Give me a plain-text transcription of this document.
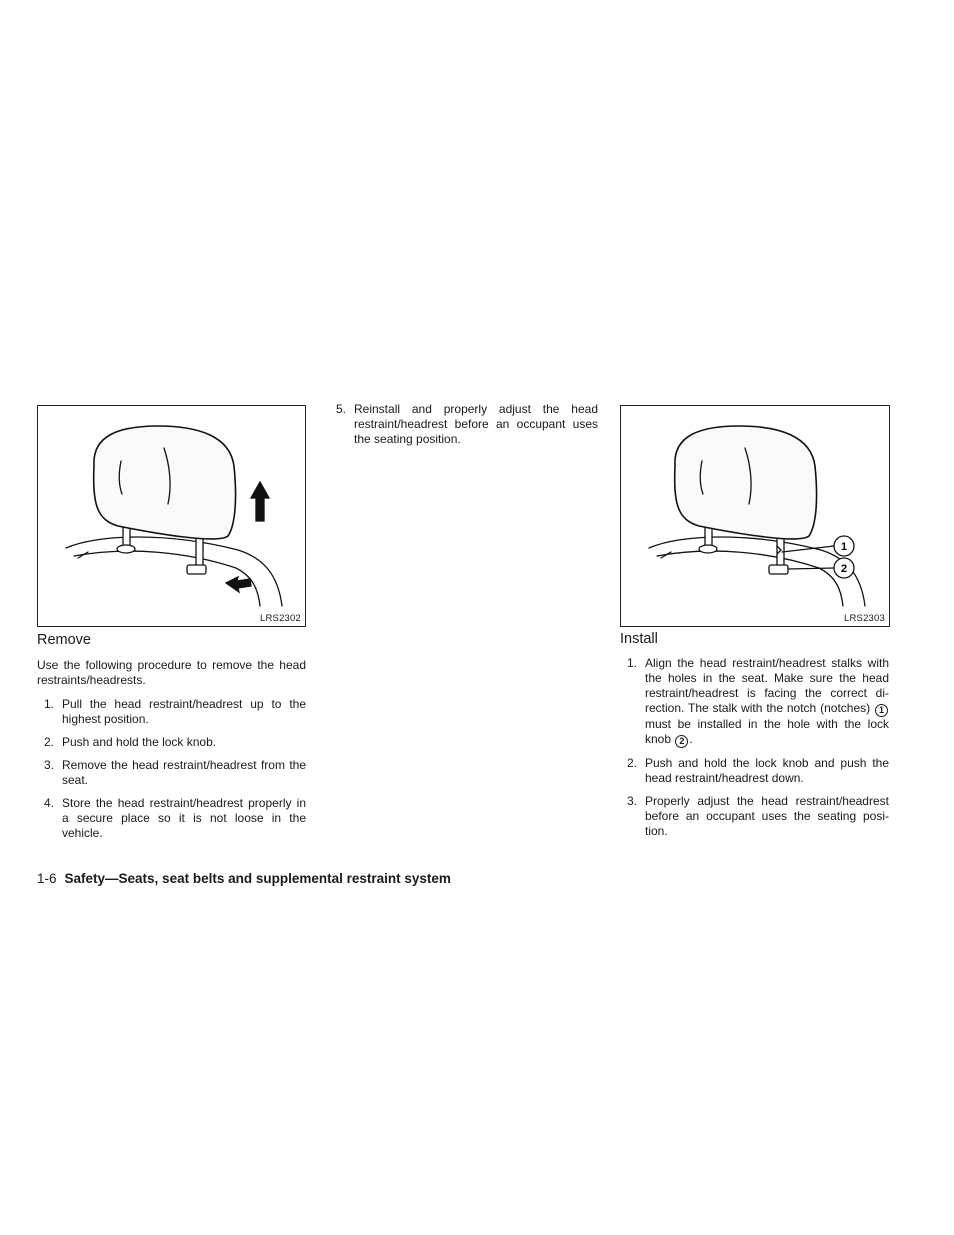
LRS2302
1
2
LRS2303
Remove

Use the following procedure to remove the head restraints/headrests.

1. Pull the head restraint/headrest up to the highest position.
2. Push and hold the lock knob.
3. Remove the head restraint/headrest from the seat.
4. Store the head restraint/headrest properly in a secure place so it is not loose in the vehicle.
5. Reinstall and properly adjust the head restraint/headrest before an occupant uses the seating position.
Install
1. Align the head restraint/headrest stalks with the holes in the seat. Make sure the head restraint/headrest is facing the correct di-rection. The stalk with the notch (notches) 1 must be installed in the hole with the lock knob 2 .
2. Push and hold the lock knob and push the head restraint/headrest down.
3. Properly adjust the head restraint/headrest before an occupant uses the seating posi-tion.
1-6 Safety—Seats, seat belts and supplemental restraint system
